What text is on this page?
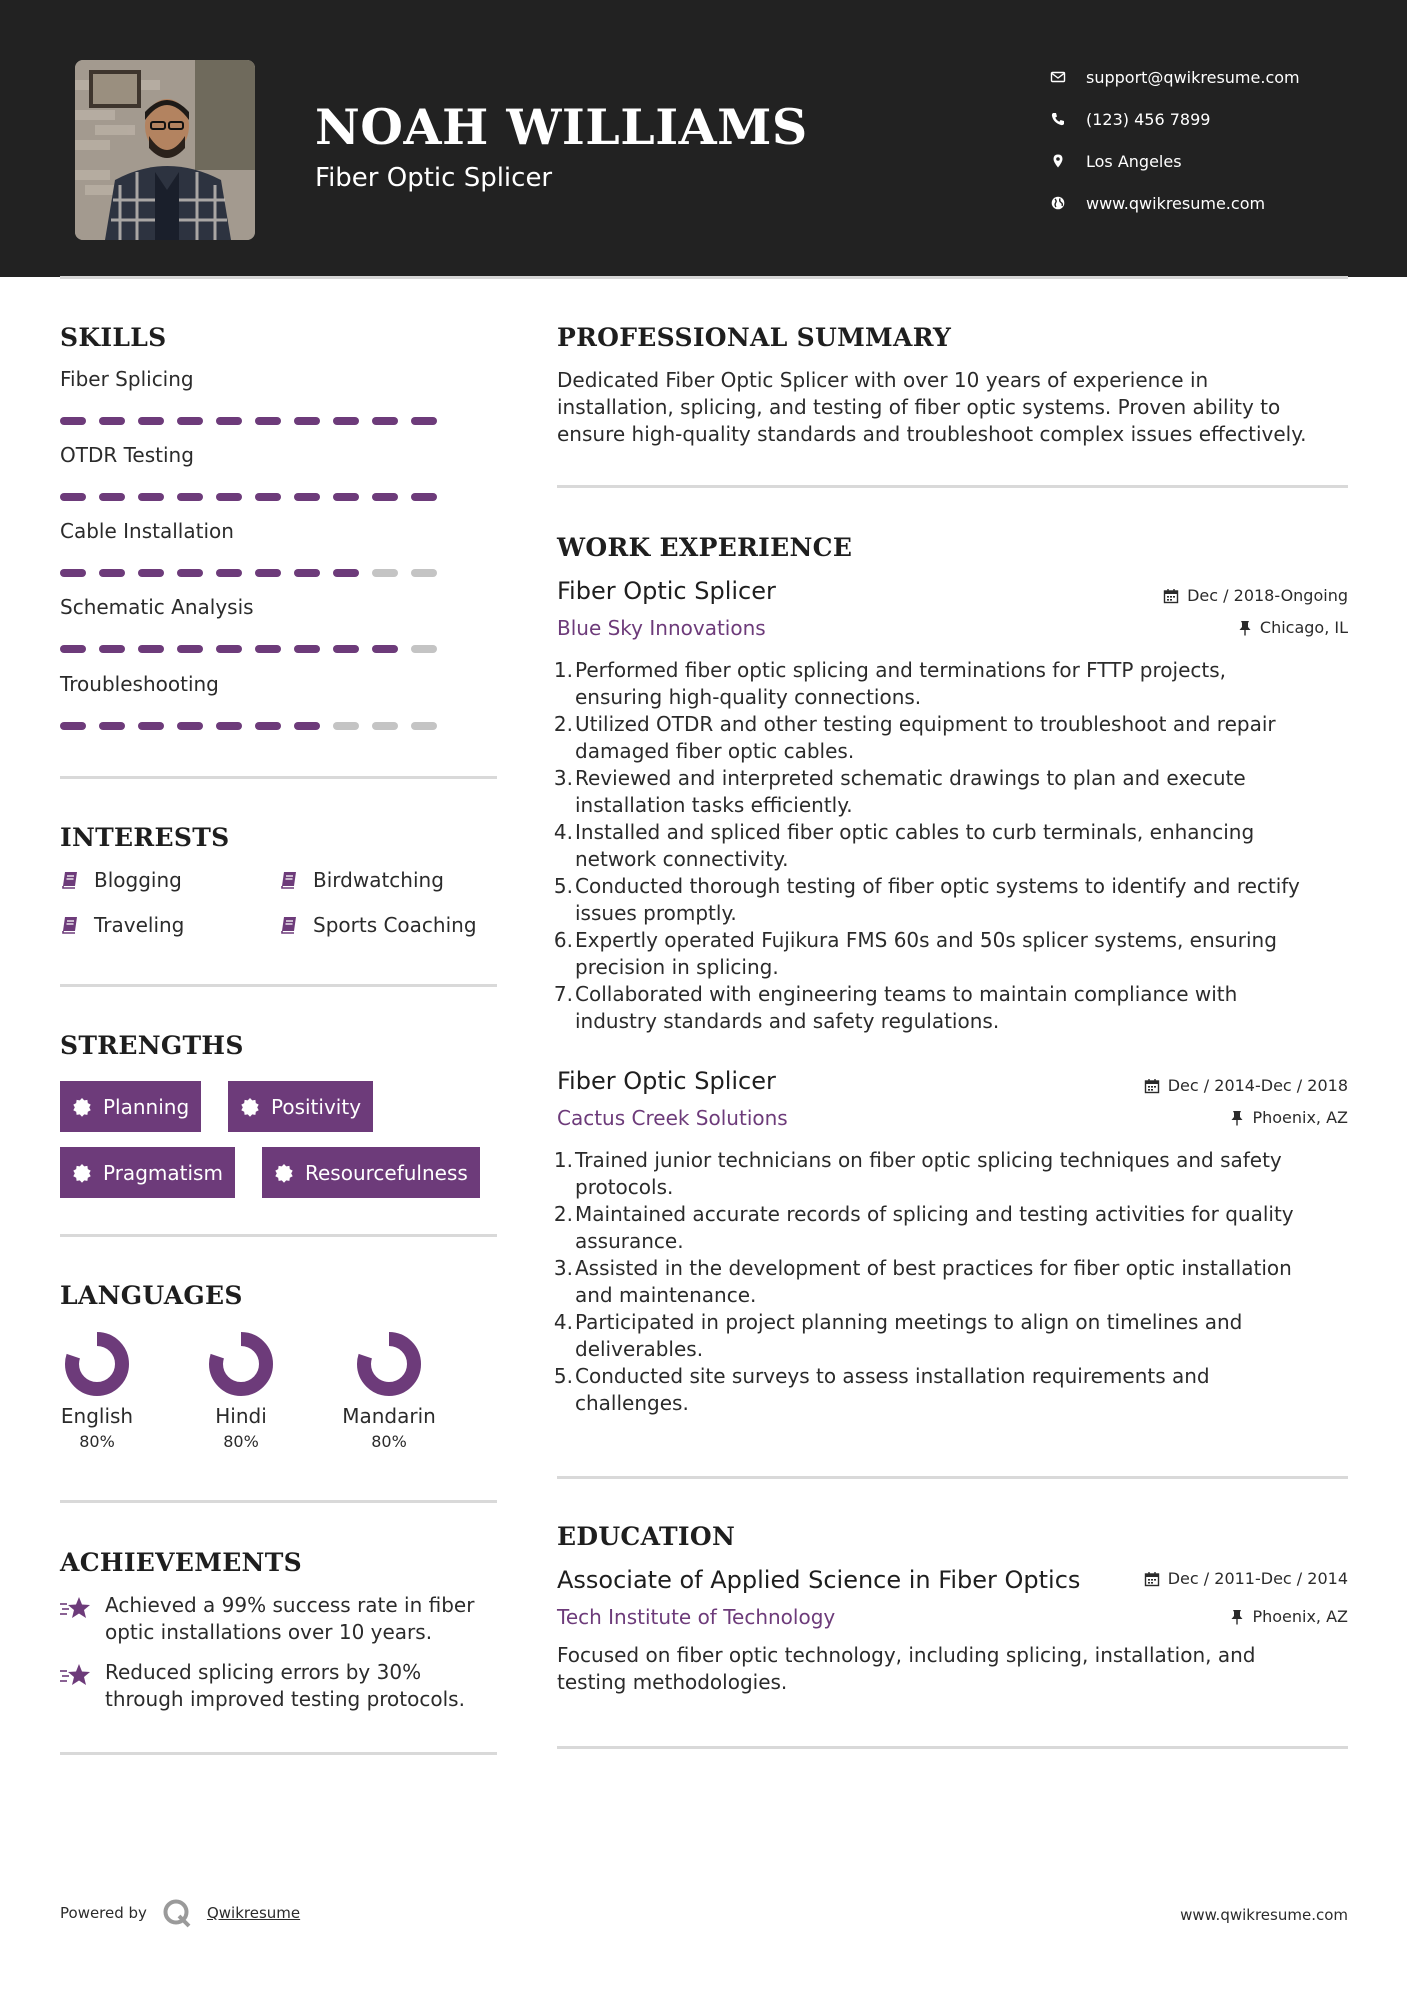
NOAH WILLIAMS
Fiber Optic Splicer
support@qwikresume.com
(123) 456 7899
Los Angeles
www.qwikresume.com
SKILLS
Fiber Splicing
OTDR Testing
Cable Installation
Schematic Analysis
Troubleshooting
INTERESTS
Blogging	Birdwatching
Traveling	Sports Coaching
STRENGTHS
Planning	Positivity
Pragmatism	Resourcefulness
LANGUAGES
English
80%
Hindi
80%
Mandarin
80%
ACHIEVEMENTS
Achieved a 99% success rate in fiber
optic installations over 10 years.
Reduced splicing errors by 30%
through improved testing protocols.
PROFESSIONAL SUMMARY
Dedicated Fiber Optic Splicer with over 10 years of experience in
installation, splicing, and testing of fiber optic systems. Proven ability to
ensure high-quality standards and troubleshoot complex issues effectively.
WORK EXPERIENCE
Fiber Optic Splicer
Blue Sky Innovations
Dec / 2018-Ongoing
Chicago, IL
1. Performed fiber optic splicing and terminations for FTTP projects,
ensuring high-quality connections.
2. Utilized OTDR and other testing equipment to troubleshoot and repair
damaged fiber optic cables.
3. Reviewed and interpreted schematic drawings to plan and execute
installation tasks efficiently.
4. Installed and spliced fiber optic cables to curb terminals, enhancing
network connectivity.
5. Conducted thorough testing of fiber optic systems to identify and rectify
issues promptly.
6. Expertly operated Fujikura FMS 60s and 50s splicer systems, ensuring
precision in splicing.
7. Collaborated with engineering teams to maintain compliance with
industry standards and safety regulations.
Fiber Optic Splicer
Cactus Creek Solutions
Dec / 2014-Dec / 2018
Phoenix, AZ
1. Trained junior technicians on fiber optic splicing techniques and safety
protocols.
2. Maintained accurate records of splicing and testing activities for quality
assurance.
3. Assisted in the development of best practices for fiber optic installation
and maintenance.
4. Participated in project planning meetings to align on timelines and
deliverables.
5. Conducted site surveys to assess installation requirements and
challenges.
EDUCATION
Associate of Applied Science in Fiber Optics
Tech Institute of Technology
Dec / 2011-Dec / 2014
Phoenix, AZ
Focused on fiber optic technology, including splicing, installation, and
testing methodologies.
Powered by	Qwikresume	www.qwikresume.com
